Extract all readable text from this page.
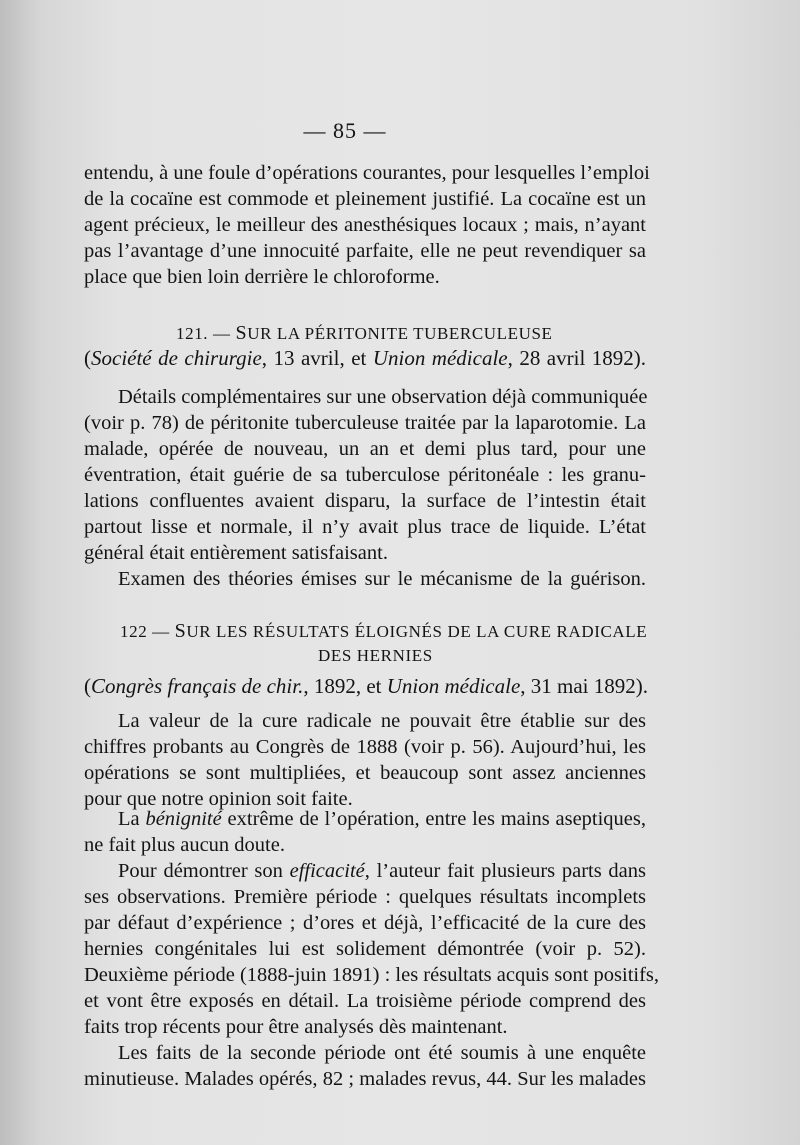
— 85 —
entendu, à une foule d’opérations courantes, pour lesquelles l’emploi
de la cocaïne est commode et pleinement justifié. La cocaïne est un
agent précieux, le meilleur des anesthésiques locaux ; mais, n’ayant
pas l’avantage d’une innocuité parfaite, elle ne peut revendiquer sa
place que bien loin derrière le chloroforme.
121. — SUR LA PÉRITONITE TUBERCULEUSE
(Société de chirurgie, 13 avril, et Union médicale, 28 avril 1892).
Détails complémentaires sur une observation déjà communiquée
(voir p. 78) de péritonite tuberculeuse traitée par la laparotomie. La
malade, opérée de nouveau, un an et demi plus tard, pour une
éventration, était guérie de sa tuberculose péritonéale : les granu-
lations confluentes avaient disparu, la surface de l’intestin était
partout lisse et normale, il n’y avait plus trace de liquide. L’état
général était entièrement satisfaisant.
Examen des théories émises sur le mécanisme de la guérison.
122 — SUR LES RÉSULTATS ÉLOIGNÉS DE LA CURE RADICALE
DES HERNIES
(Congrès français de chir., 1892, et Union médicale, 31 mai 1892).
La valeur de la cure radicale ne pouvait être établie sur des
chiffres probants au Congrès de 1888 (voir p. 56). Aujourd’hui, les
opérations se sont multipliées, et beaucoup sont assez anciennes
pour que notre opinion soit faite.
La bénignité extrême de l’opération, entre les mains aseptiques,
ne fait plus aucun doute.
Pour démontrer son efficacité, l’auteur fait plusieurs parts dans
ses observations. Première période : quelques résultats incomplets
par défaut d’expérience ; d’ores et déjà, l’efficacité de la cure des
hernies congénitales lui est solidement démontrée (voir p. 52).
Deuxième période (1888-juin 1891) : les résultats acquis sont positifs,
et vont être exposés en détail. La troisième période comprend des
faits trop récents pour être analysés dès maintenant.
Les faits de la seconde période ont été soumis à une enquête
minutieuse. Malades opérés, 82 ; malades revus, 44. Sur les malades
